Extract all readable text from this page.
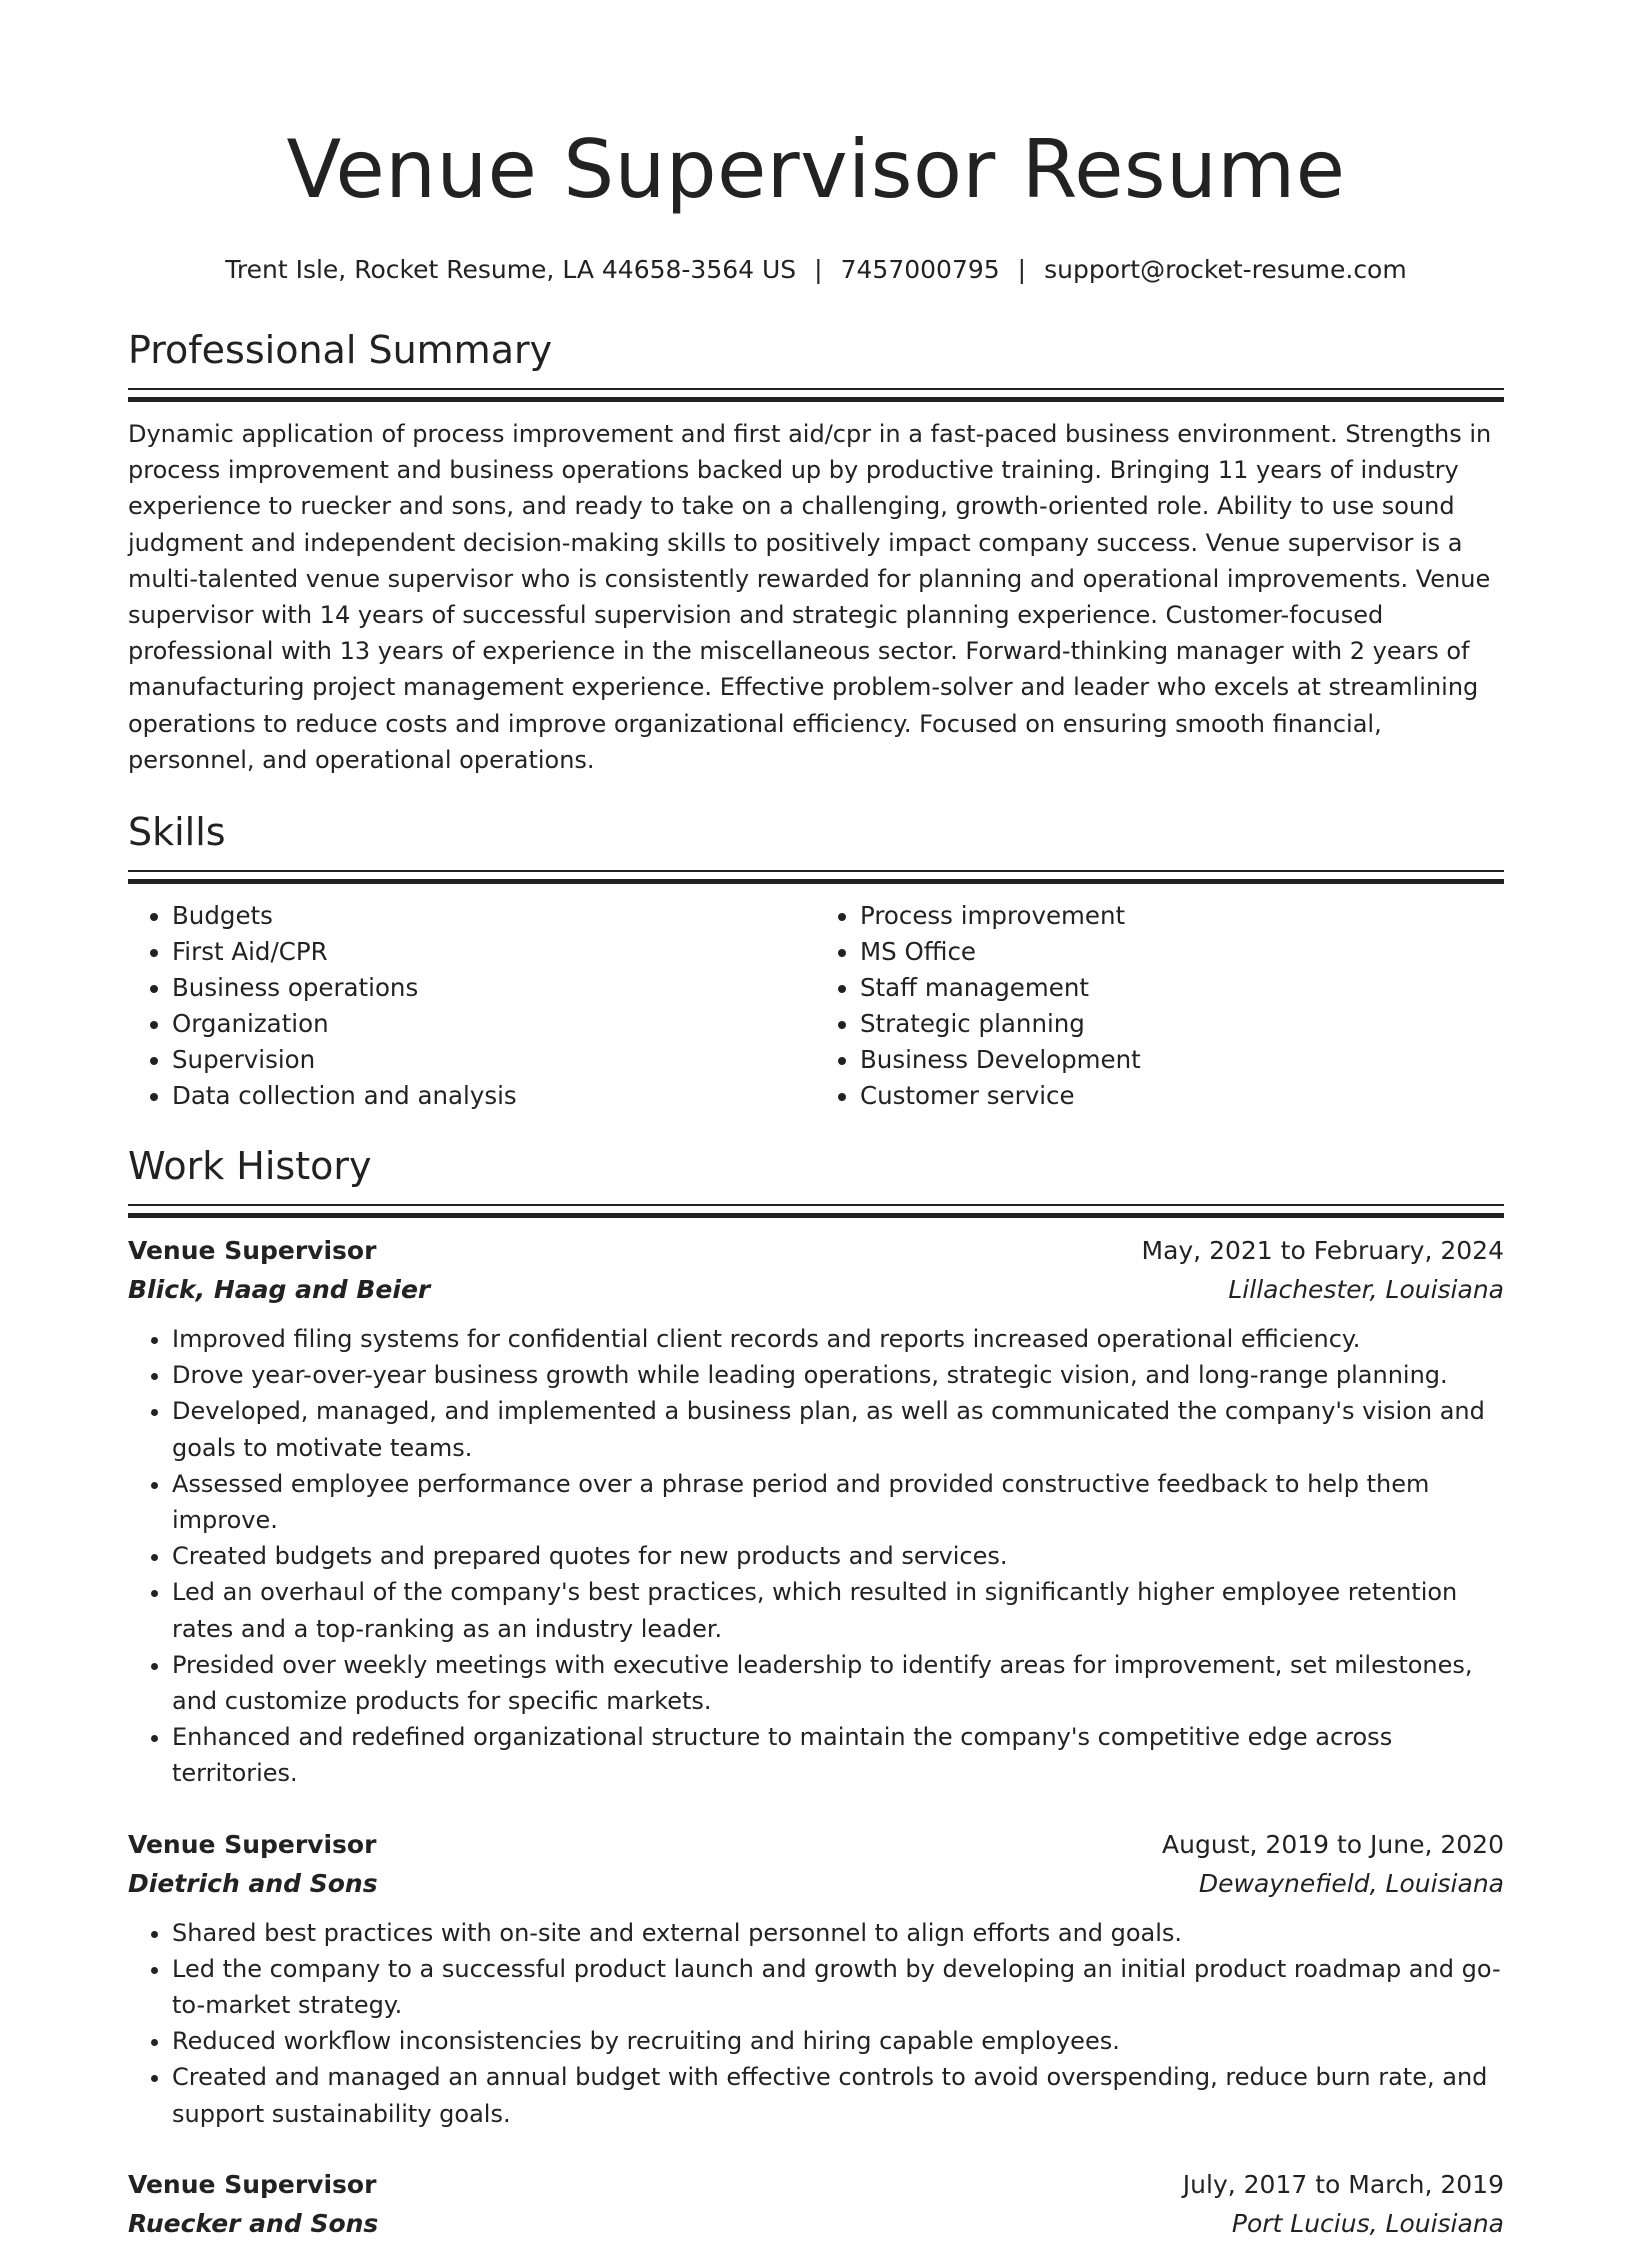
Venue Supervisor Resume
Trent Isle, Rocket Resume, LA 44658-3564 US | 7457000795 | support@rocket-resume.com
Professional Summary
Dynamic application of process improvement and first aid/cpr in a fast-paced business environment. Strengths in process improvement and business operations backed up by productive training. Bringing 11 years of industry experience to ruecker and sons, and ready to take on a challenging, growth-oriented role. Ability to use sound judgment and independent decision-making skills to positively impact company success. Venue supervisor is a multi-talented venue supervisor who is consistently rewarded for planning and operational improvements. Venue supervisor with 14 years of successful supervision and strategic planning experience. Customer-focused professional with 13 years of experience in the miscellaneous sector. Forward-thinking manager with 2 years of manufacturing project management experience. Effective problem-solver and leader who excels at streamlining operations to reduce costs and improve organizational efficiency. Focused on ensuring smooth financial, personnel, and operational operations.
Skills
• Budgets
• First Aid/CPR
• Business operations
• Organization
• Supervision
• Data collection and analysis
• Process improvement
• MS Office
• Staff management
• Strategic planning
• Business Development
• Customer service
Work History
Venue Supervisor	May, 2021 to February, 2024
Blick, Haag and Beier	Lillachester, Louisiana
• Improved filing systems for confidential client records and reports increased operational efficiency.
• Drove year-over-year business growth while leading operations, strategic vision, and long-range planning.
• Developed, managed, and implemented a business plan, as well as communicated the company's vision and goals to motivate teams.
• Assessed employee performance over a phrase period and provided constructive feedback to help them improve.
• Created budgets and prepared quotes for new products and services.
• Led an overhaul of the company's best practices, which resulted in significantly higher employee retention rates and a top-ranking as an industry leader.
• Presided over weekly meetings with executive leadership to identify areas for improvement, set milestones, and customize products for specific markets.
• Enhanced and redefined organizational structure to maintain the company's competitive edge across territories.
Venue Supervisor	August, 2019 to June, 2020
Dietrich and Sons	Dewaynefield, Louisiana
• Shared best practices with on-site and external personnel to align efforts and goals.
• Led the company to a successful product launch and growth by developing an initial product roadmap and go-to-market strategy.
• Reduced workflow inconsistencies by recruiting and hiring capable employees.
• Created and managed an annual budget with effective controls to avoid overspending, reduce burn rate, and support sustainability goals.
Venue Supervisor	July, 2017 to March, 2019
Ruecker and Sons	Port Lucius, Louisiana
